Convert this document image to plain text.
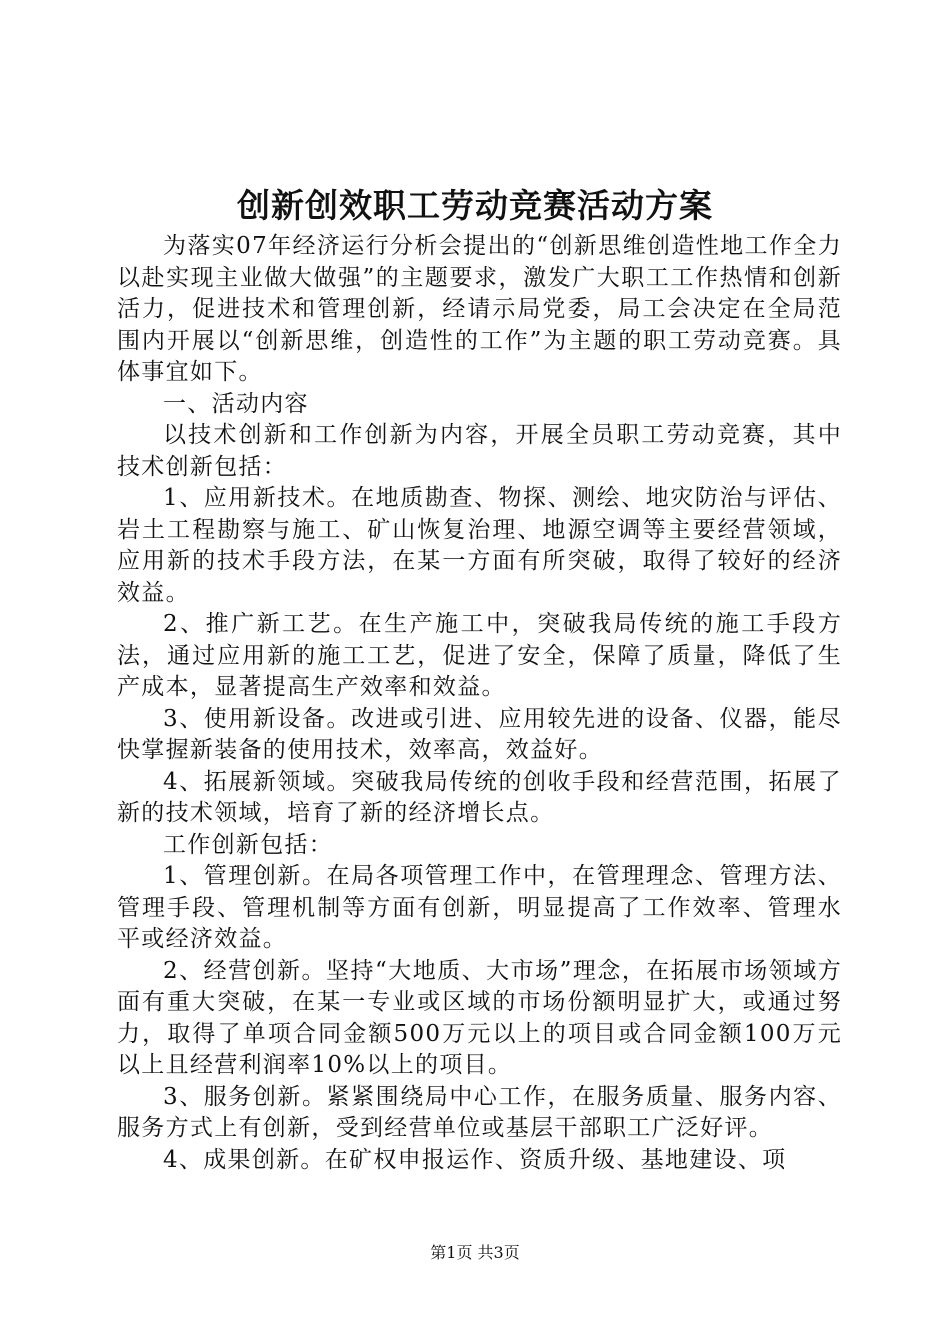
创新创效职工劳动竞赛活动方案

为落实07年经济运行分析会提出的“创新思维创造性地工作全力以赴实现主业做大做强”的主题要求，激发广大职工工作热情和创新活力，促进技术和管理创新，经请示局党委，局工会决定在全局范围内开展以“创新思维，创造性的工作”为主题的职工劳动竞赛。具体事宜如下。

一、活动内容

以技术创新和工作创新为内容，开展全员职工劳动竞赛，其中技术创新包括：

1、应用新技术。在地质勘查、物探、测绘、地灾防治与评估、岩土工程勘察与施工、矿山恢复治理、地源空调等主要经营领域，应用新的技术手段方法，在某一方面有所突破，取得了较好的经济效益。

2、推广新工艺。在生产施工中，突破我局传统的施工手段方法，通过应用新的施工工艺，促进了安全，保障了质量，降低了生产成本，显著提高生产效率和效益。

3、使用新设备。改进或引进、应用较先进的设备、仪器，能尽快掌握新装备的使用技术，效率高，效益好。

4、拓展新领域。突破我局传统的创收手段和经营范围，拓展了新的技术领域，培育了新的经济增长点。

工作创新包括：

1、管理创新。在局各项管理工作中，在管理理念、管理方法、管理手段、管理机制等方面有创新，明显提高了工作效率、管理水平或经济效益。

2、经营创新。坚持“大地质、大市场”理念，在拓展市场领域方面有重大突破，在某一专业或区域的市场份额明显扩大，或通过努力，取得了单项合同金额500万元以上的项目或合同金额100万元以上且经营利润率10%以上的项目。

3、服务创新。紧紧围绕局中心工作，在服务质量、服务内容、服务方式上有创新，受到经营单位或基层干部职工广泛好评。

4、成果创新。在矿权申报运作、资质升级、基地建设、项

第1页 共3页
